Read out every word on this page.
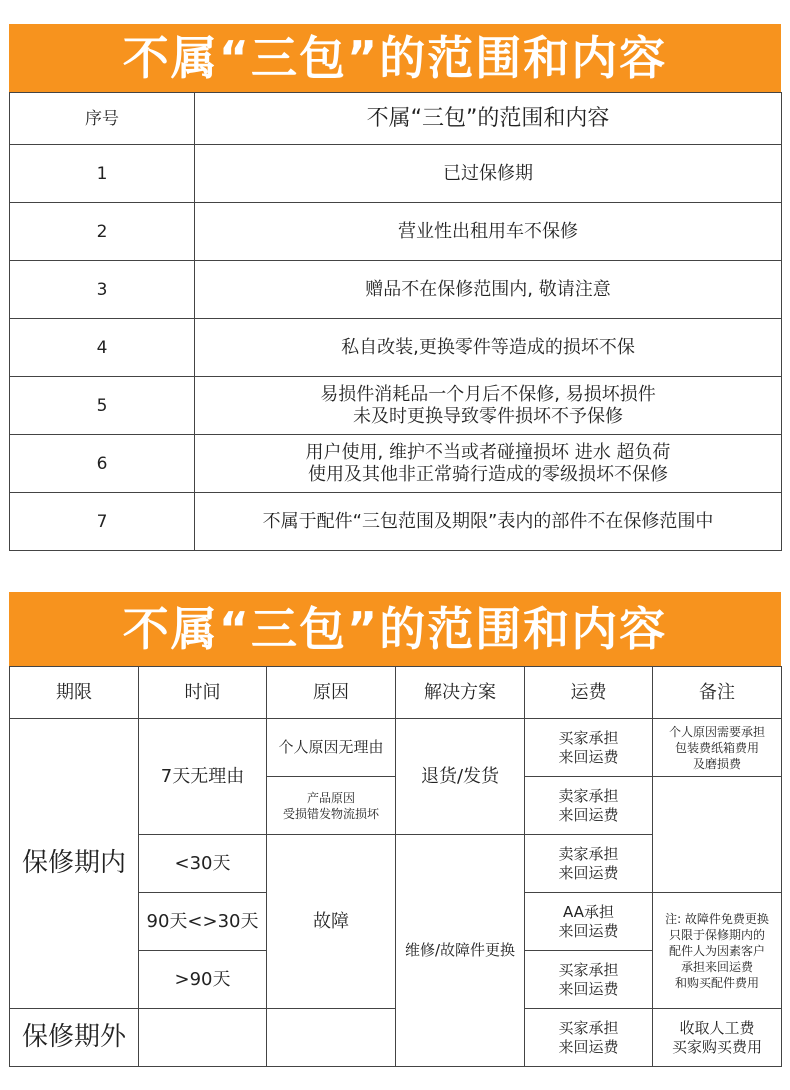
不属“三包”的范围和内容
序号	不属“三包”的范围和内容
1	已过保修期

2	营业性出租用车不保修

3	赠品不在保修范围内, 敬请注意

4	私自改装,更换零件等造成的损坏不保

5	易损件消耗品一个月后不保修, 易损坏损件
未及时更换导致零件损坏不予保修

6	用户使用, 维护不当或者碰撞损坏 进水 超负荷
使用及其他非正常骑行造成的零级损坏不保修

7	不属于配件“三包范围及期限”表内的部件不在保修范围中
不属“三包”的范围和内容
期限	时间	原因	解决方案	运费	备注
保修期内	7天无理由	个人原因无理由	退货/发货	买家承担
来回运费	个人原因需要承担
包装费纸箱费用
及磨损费

		产品原因
受损错发物流损坏		卖家承担
来回运费	

	<30天	故障	维修/故障件更换	卖家承担
来回运费	

	90天<>30天			AA承担
来回运费	注: 故障件免费更换
只限于保修期内的
配件人为因素客户
承担来回运费
和购买配件费用

	>90天			买家承担
来回运费	

保修期外				买家承担
来回运费	收取人工费
买家购买费用
